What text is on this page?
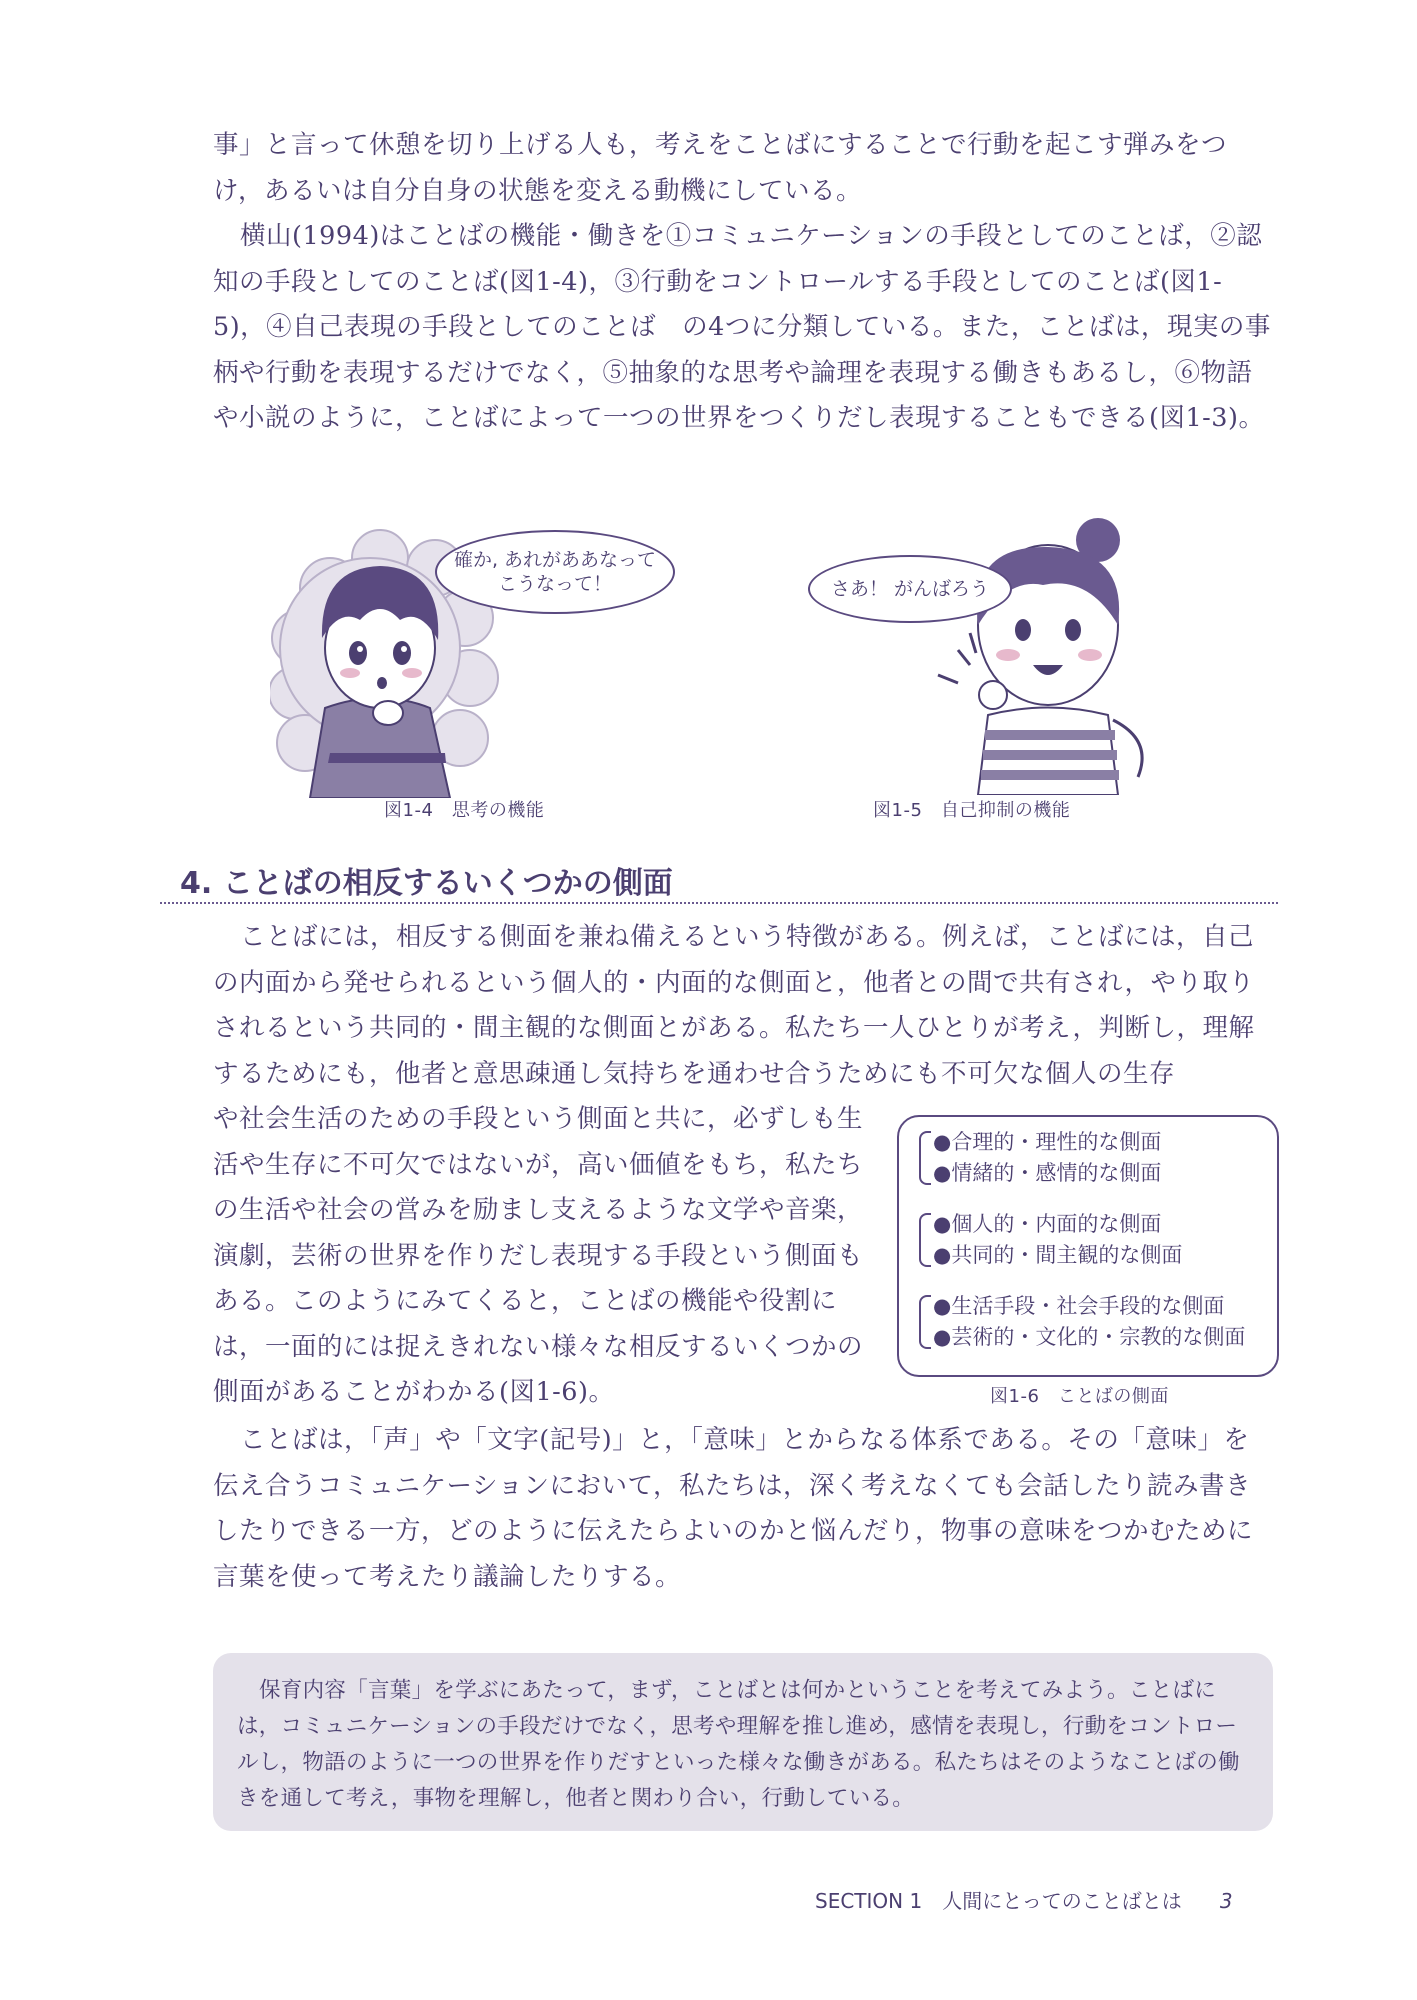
事」と言って休憩を切り上げる人も，考えをことばにすることで行動を起こす弾みをつけ，あるいは自分自身の状態を変える動機にしている。

横山(1994)はことばの機能・働きを①コミュニケーションの手段としてのことば，②認知の手段としてのことば(図1-4)，③行動をコントロールする手段としてのことば(図1-5)，④自己表現の手段としてのことば　の4つに分類している。また，ことばは，現実の事柄や行動を表現するだけでなく，⑤抽象的な思考や論理を表現する働きもあるし，⑥物語や小説のように，ことばによって一つの世界をつくりだし表現することもできる(図1-3)。

確か, あれがああなって
こうなって！
図1-4　思考の機能
さあ！ がんばろう
図1-5　自己抑制の機能
4. ことばの相反するいくつかの側面

ことばには，相反する側面を兼ね備えるという特徴がある。例えば，ことばには，自己の内面から発せられるという個人的・内面的な側面と，他者との間で共有され，やり取りされるという共同的・間主観的な側面とがある。私たち一人ひとりが考え，判断し，理解するためにも，他者と意思疎通し気持ちを通わせ合うためにも不可欠な個人の生存

や社会生活のための手段という側面と共に，必ずしも生活や生存に不可欠ではないが，高い価値をもち，私たちの生活や社会の営みを励まし支えるような文学や音楽，演劇，芸術の世界を作りだし表現する手段という側面もある。このようにみてくると，ことばの機能や役割には，一面的には捉えきれない様々な相反するいくつかの側面があることがわかる(図1-6)。

●合理的・理性的な側面
●情緒的・感情的な側面
●個人的・内面的な側面
●共同的・間主観的な側面
●生活手段・社会手段的な側面
●芸術的・文化的・宗教的な側面
図1-6　ことばの側面

ことばは，「声」や「文字(記号)」と，「意味」とからなる体系である。その「意味」を伝え合うコミュニケーションにおいて，私たちは，深く考えなくても会話したり読み書きしたりできる一方，どのように伝えたらよいのかと悩んだり，物事の意味をつかむために言葉を使って考えたり議論したりする。

保育内容「言葉」を学ぶにあたって，まず，ことばとは何かということを考えてみよう。ことばには，コミュニケーションの手段だけでなく，思考や理解を推し進め，感情を表現し，行動をコントロールし，物語のように一つの世界を作りだすといった様々な働きがある。私たちはそのようなことばの働きを通して考え，事物を理解し，他者と関わり合い，行動している。

SECTION 1　人間にとってのことばとは 3
